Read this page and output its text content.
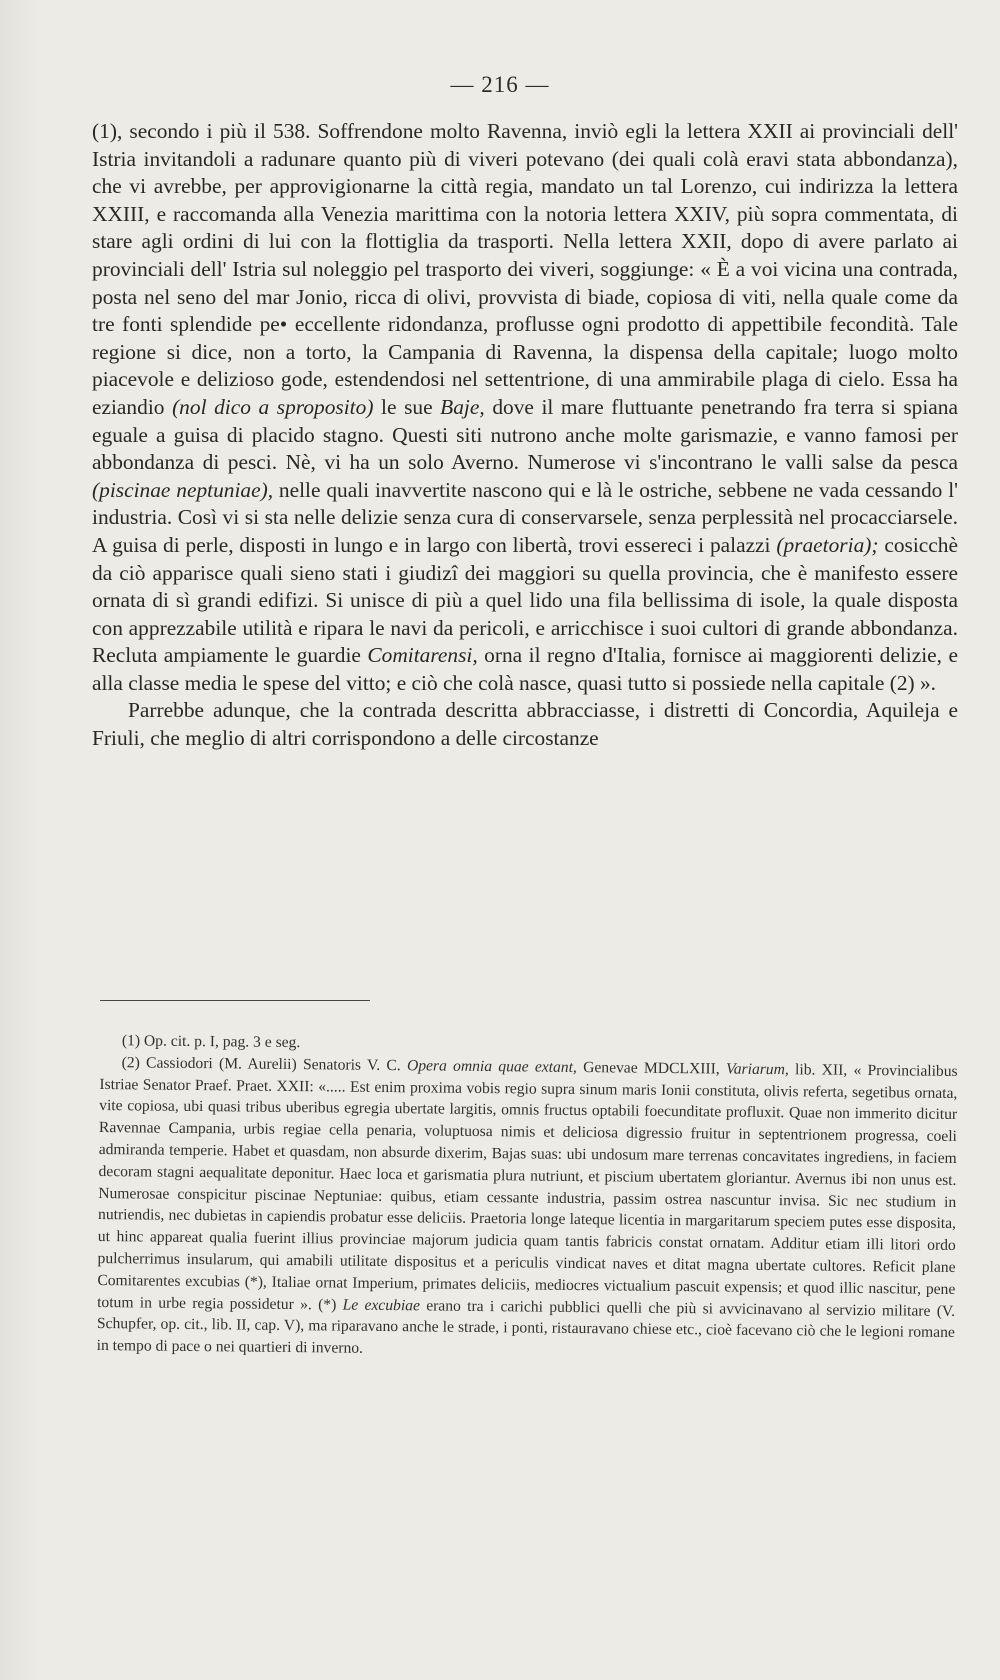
— 216 —

(1), secondo i più il 538. Soffrendone molto Ravenna, inviò egli la lettera XXII ai provinciali dell' Istria invitandoli a radunare quanto più di viveri potevano (dei quali colà eravi stata abbondanza), che vi avrebbe, per approvigionarne la città regia, mandato un tal Lorenzo, cui indirizza la lettera XXIII, e raccomanda alla Venezia marittima con la notoria lettera XXIV, più sopra commentata, di stare agli ordini di lui con la flottiglia da trasporti. Nella lettera XXII, dopo di avere parlato ai provinciali dell' Istria sul noleggio pel trasporto dei viveri, soggiunge: « È a voi vicina una contrada, posta nel seno del mar Jonio, ricca di olivi, provvista di biade, copiosa di viti, nella quale come da tre fonti splendide pe• eccellente ridondanza, proflusse ogni prodotto di appettibile fecondità. Tale regione si dice, non a torto, la Campania di Ravenna, la dispensa della capitale; luogo molto piacevole e delizioso gode, estendendosi nel settentrione, di una ammirabile plaga di cielo. Essa ha eziandio (nol dico a sproposito) le sue Baje, dove il mare fluttuante penetrando fra terra si spiana eguale a guisa di placido stagno. Questi siti nutrono anche molte garismazie, e vanno famosi per abbondanza di pesci. Nè, vi ha un solo Averno. Numerose vi s'incontrano le valli salse da pesca (piscinae neptuniae), nelle quali inavvertite nascono qui e là le ostriche, sebbene ne vada cessando l' industria. Così vi si sta nelle delizie senza cura di conservarsele, senza perplessità nel procacciarsele. A guisa di perle, disposti in lungo e in largo con libertà, trovi essereci i palazzi (praetoria); cosicchè da ciò apparisce quali sieno stati i giudizî dei maggiori su quella provincia, che è manifesto essere ornata di sì grandi edifizi. Si unisce di più a quel lido una fila bellissima di isole, la quale disposta con apprezzabile utilità e ripara le navi da pericoli, e arricchisce i suoi cultori di grande abbondanza. Recluta ampiamente le guardie Comitarensi, orna il regno d'Italia, fornisce ai maggiorenti delizie, e alla classe media le spese del vitto; e ciò che colà nasce, quasi tutto si possiede nella capitale (2) ».

Parrebbe adunque, che la contrada descritta abbracciasse, i distretti di Concordia, Aquileja e Friuli, che meglio di altri corrispondono a delle circostanze

(1) Op. cit. p. I, pag. 3 e seg.

(2) Cassiodori (M. Aurelii) Senatoris V. C. Opera omnia quae extant, Genevae MDCLXIII, Variarum, lib. XII, « Provincialibus Istriae Senator Praef. Praet. XXII: «..... Est enim proxima vobis regio supra sinum maris Ionii constituta, olivis referta, segetibus ornata, vite copiosa, ubi quasi tribus uberibus egregia ubertate largitis, omnis fructus optabili foecunditate profluxit. Quae non immerito dicitur Ravennae Campania, urbis regiae cella penaria, voluptuosa nimis et deliciosa digressio fruitur in septentrionem progressa, coeli admiranda temperie. Habet et quasdam, non absurde dixerim, Bajas suas: ubi undosum mare terrenas concavitates ingrediens, in faciem decoram stagni aequalitate deponitur. Haec loca et garismatia plura nutriunt, et piscium ubertatem gloriantur. Avernus ibi non unus est. Numerosae conspicitur piscinae Neptuniae: quibus, etiam cessante industria, passim ostrea nascuntur invisa. Sic nec studium in nutriendis, nec dubietas in capiendis probatur esse deliciis. Praetoria longe lateque licentia in margaritarum speciem putes esse disposita, ut hinc appareat qualia fuerint illius provinciae majorum judicia quam tantis fabricis constat ornatam. Additur etiam illi litori ordo pulcherrimus insularum, qui amabili utilitate dispositus et a periculis vindicat naves et ditat magna ubertate cultores. Reficit plane Comitarentes excubias (*), Italiae ornat Imperium, primates deliciis, mediocres victualium pascuit expensis; et quod illic nascitur, pene totum in urbe regia possidetur ». (*) Le excubiae erano tra i carichi pubblici quelli che più si avvicinavano al servizio militare (V. Schupfer, op. cit., lib. II, cap. V), ma riparavano anche le strade, i ponti, ristauravano chiese etc., cioè facevano ciò che le legioni romane in tempo di pace o nei quartieri di inverno.
